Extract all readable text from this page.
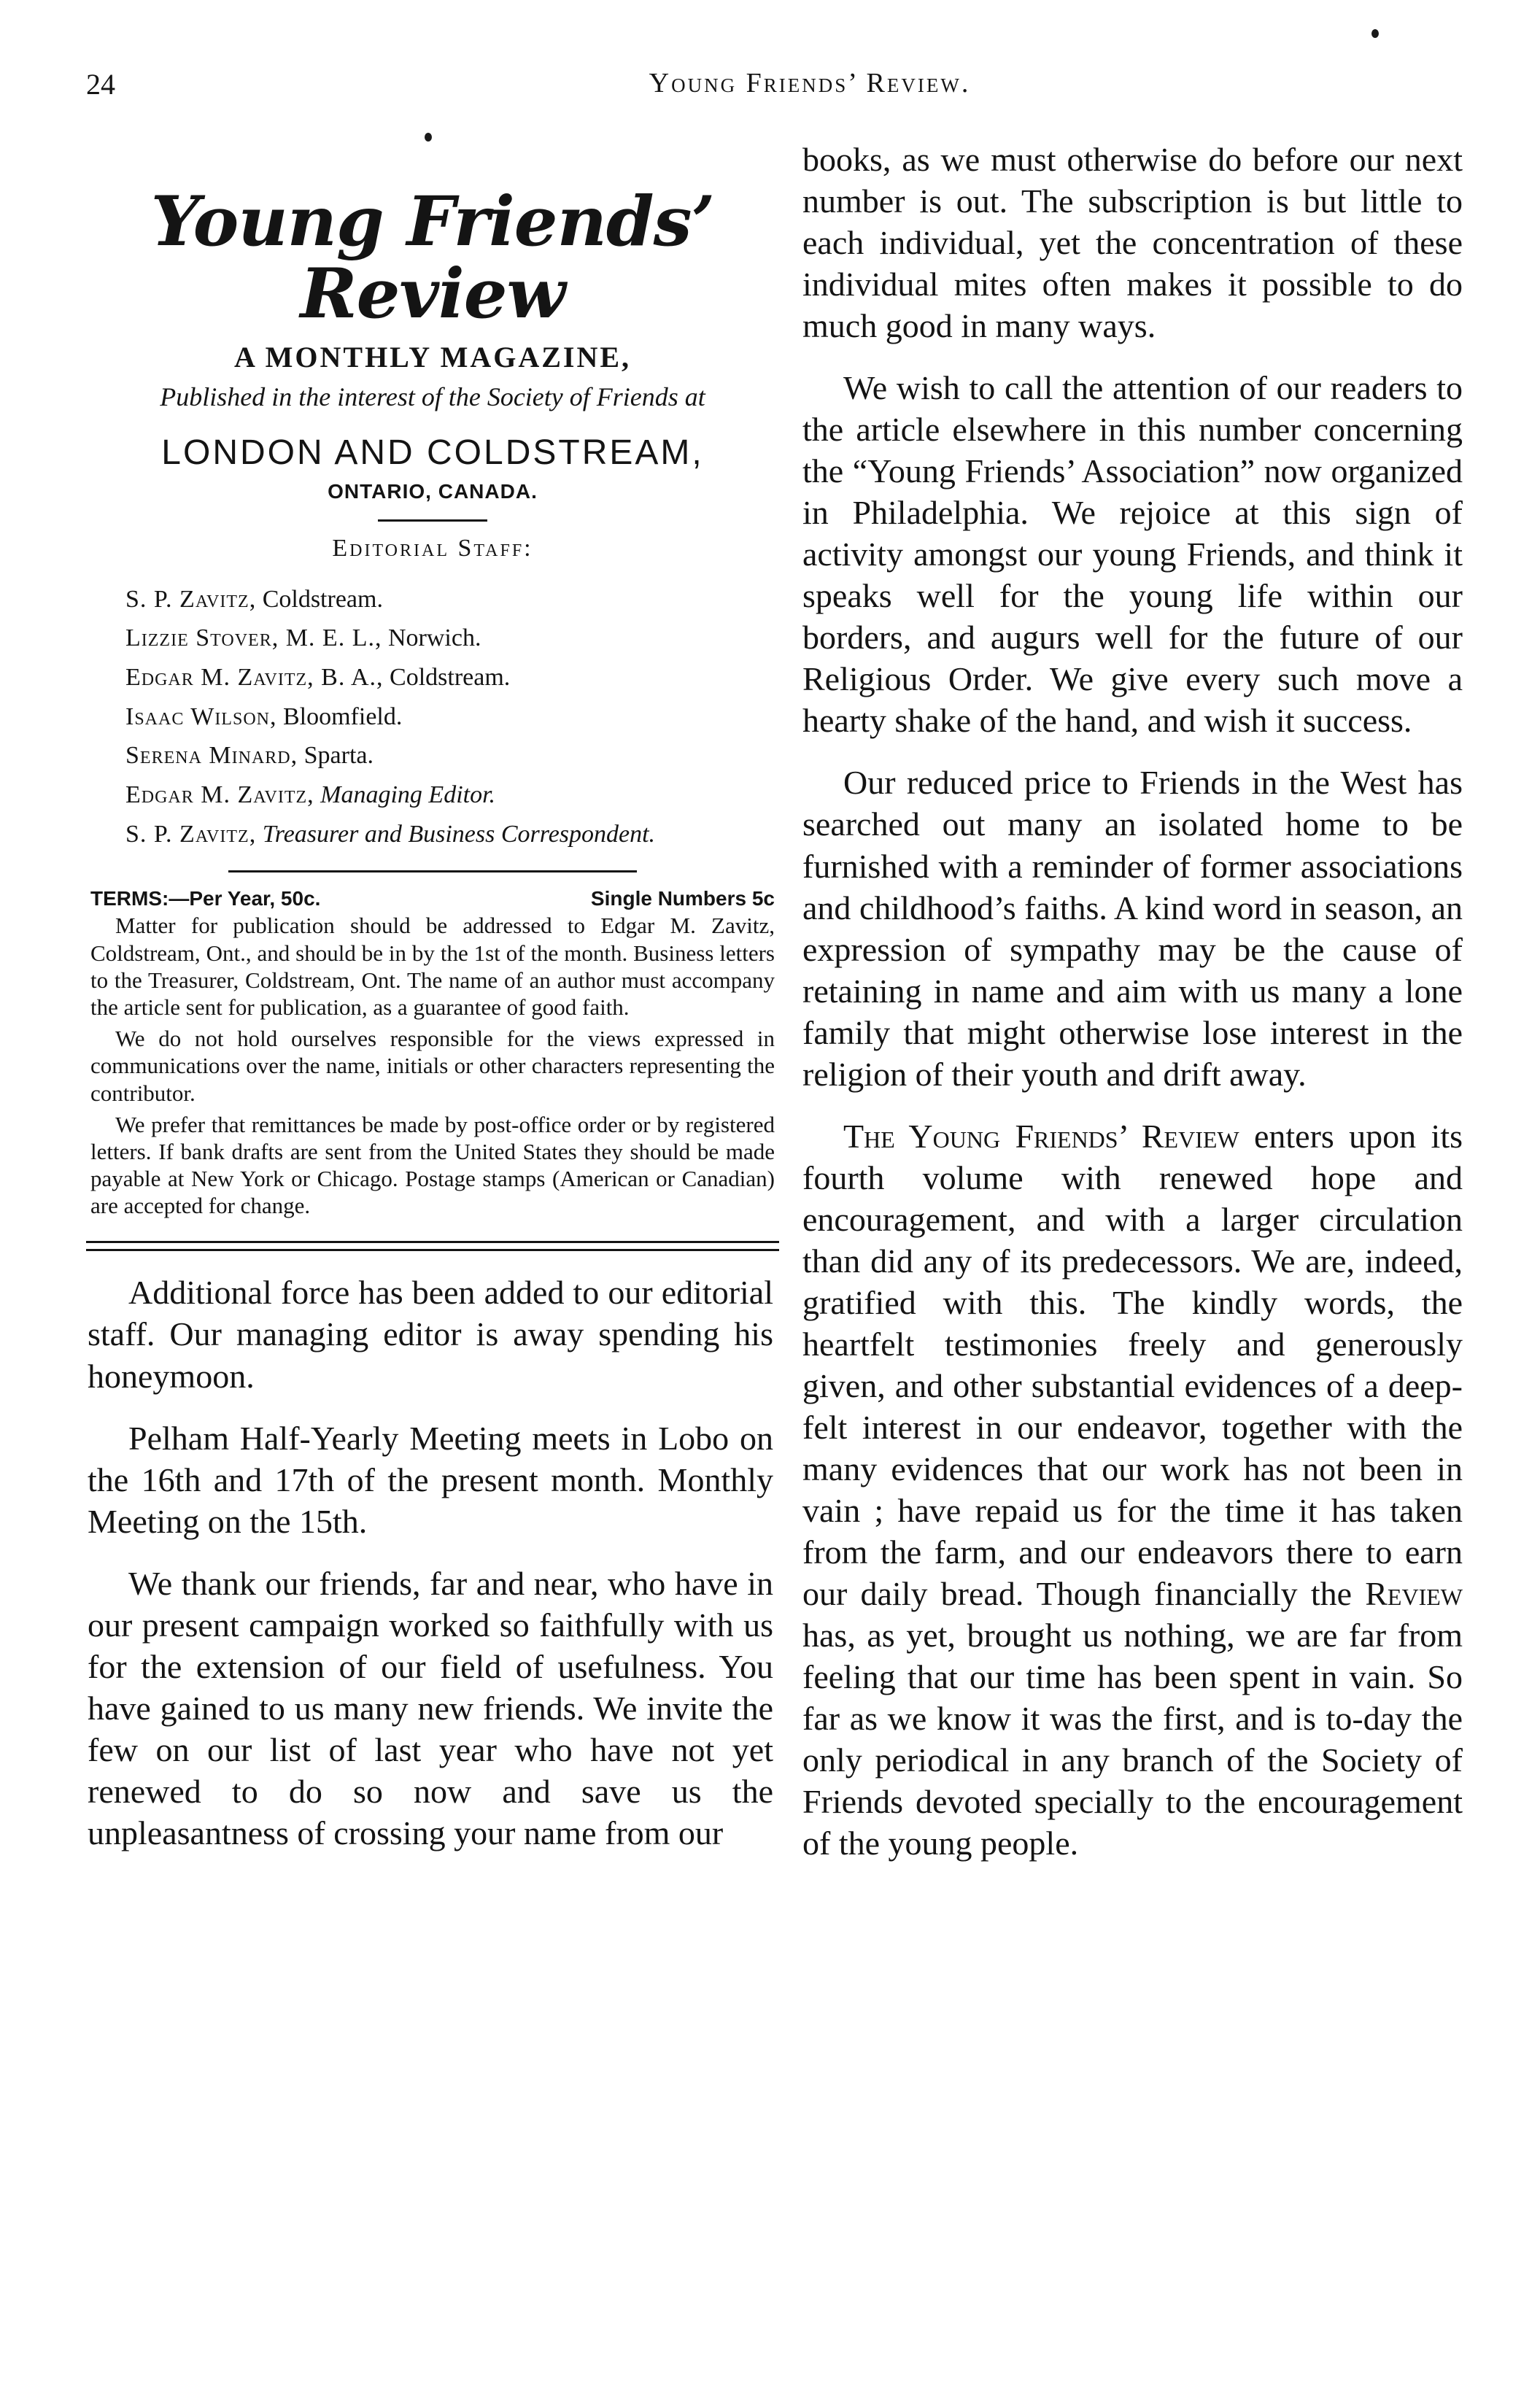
24	Young Friends’ Review.
Young Friends’ Review
A MONTHLY MAGAZINE,
Published in the interest of the Society of Friends at
LONDON AND COLDSTREAM,
ONTARIO, CANADA.
Editorial Staff:
S. P. Zavitz, Coldstream.
Lizzie Stover, M. E. L., Norwich.
Edgar M. Zavitz, B. A., Coldstream.
Isaac Wilson, Bloomfield.
Serena Minard, Sparta.
Edgar M. Zavitz, Managing Editor.
S. P. Zavitz, Treasurer and Business Correspondent.
TERMS:—Per Year, 50c.	Single Numbers 5c

Matter for publication should be addressed to Edgar M. Zavitz, Coldstream, Ont., and should be in by the 1st of the month. Business letters to the Treasurer, Coldstream, Ont. The name of an author must accompany the article sent for publication, as a guarantee of good faith.

We do not hold ourselves responsible for the views expressed in communications over the name, initials or other characters representing the contributor.

We prefer that remittances be made by post-office order or by registered letters. If bank drafts are sent from the United States they should be made payable at New York or Chicago. Postage stamps (American or Canadian) are accepted for change.

Additional force has been added to our editorial staff. Our managing editor is away spending his honeymoon.

Pelham Half-Yearly Meeting meets in Lobo on the 16th and 17th of the present month. Monthly Meeting on the 15th.

We thank our friends, far and near, who have in our present campaign worked so faithfully with us for the extension of our field of usefulness. You have gained to us many new friends. We invite the few on our list of last year who have not yet renewed to do so now and save us the unpleasantness of crossing your name from our

books, as we must otherwise do before our next number is out. The subscription is but little to each individual, yet the concentration of these individual mites often makes it possible to do much good in many ways.

We wish to call the attention of our readers to the article elsewhere in this number concerning the “Young Friends’ Association” now organized in Philadelphia. We rejoice at this sign of activity amongst our young Friends, and think it speaks well for the young life within our borders, and augurs well for the future of our Religious Order. We give every such move a hearty shake of the hand, and wish it success.

Our reduced price to Friends in the West has searched out many an isolated home to be furnished with a reminder of former associations and childhood’s faiths. A kind word in season, an expression of sympathy may be the cause of retaining in name and aim with us many a lone family that might otherwise lose interest in the religion of their youth and drift away.

The Young Friends’ Review enters upon its fourth volume with renewed hope and encouragement, and with a larger circulation than did any of its predecessors. We are, indeed, gratified with this. The kindly words, the heartfelt testimonies freely and generously given, and other substantial evidences of a deep-felt interest in our endeavor, together with the many evidences that our work has not been in vain ; have repaid us for the time it has taken from the farm, and our endeavors there to earn our daily bread. Though financially the Review has, as yet, brought us nothing, we are far from feeling that our time has been spent in vain. So far as we know it was the first, and is to-day the only periodical in any branch of the Society of Friends devoted specially to the encouragement of the young people.
